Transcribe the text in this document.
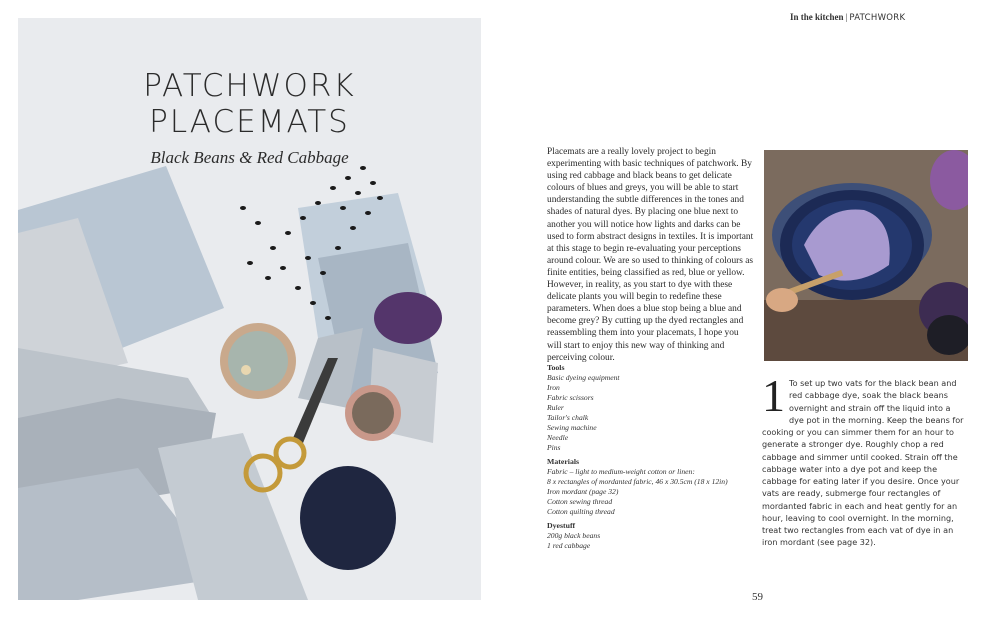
PATCHWORK
PLACEMATS
Black Beans & Red Cabbage
In the kitchen | PATCHWORK
Placemats are a really lovely project to begin experimenting with basic techniques of patchwork. By using red cabbage and black beans to get delicate colours of blues and greys, you will be able to start understanding the subtle differences in the tones and shades of natural dyes. By placing one blue next to another you will notice how lights and darks can be used to form abstract designs in textiles. It is important at this stage to begin re-evaluating your perceptions around colour. We are so used to thinking of colours as finite entities, being classified as red, blue or yellow. However, in reality, as you start to dye with these delicate plants you will begin to redefine these parameters. When does a blue stop being a blue and become grey? By cutting up the dyed rectangles and reassembling them into your placemats, I hope you will start to enjoy this new way of thinking and perceiving colour.
Tools
Basic dyeing equipment
Iron
Fabric scissors
Ruler
Tailor's chalk
Sewing machine
Needle
Pins
Materials
Fabric – light to medium-weight cotton or linen:
8 x rectangles of mordanted fabric, 46 x 30.5cm (18 x 12in)
Iron mordant (page 32)
Cotton sewing thread
Cotton quilting thread
Dyestuff
200g black beans
1 red cabbage
1 To set up two vats for the black bean and red cabbage dye, soak the black beans overnight and strain off the liquid into a dye pot in the morning. Keep the beans for cooking or you can simmer them for an hour to generate a stronger dye. Roughly chop a red cabbage and simmer until cooked. Strain off the cabbage water into a dye pot and keep the cabbage for eating later if you desire. Once your vats are ready, submerge four rectangles of mordanted fabric in each and heat gently for an hour, leaving to cool overnight. In the morning, treat two rectangles from each vat of dye in an iron mordant (see page 32).
59
